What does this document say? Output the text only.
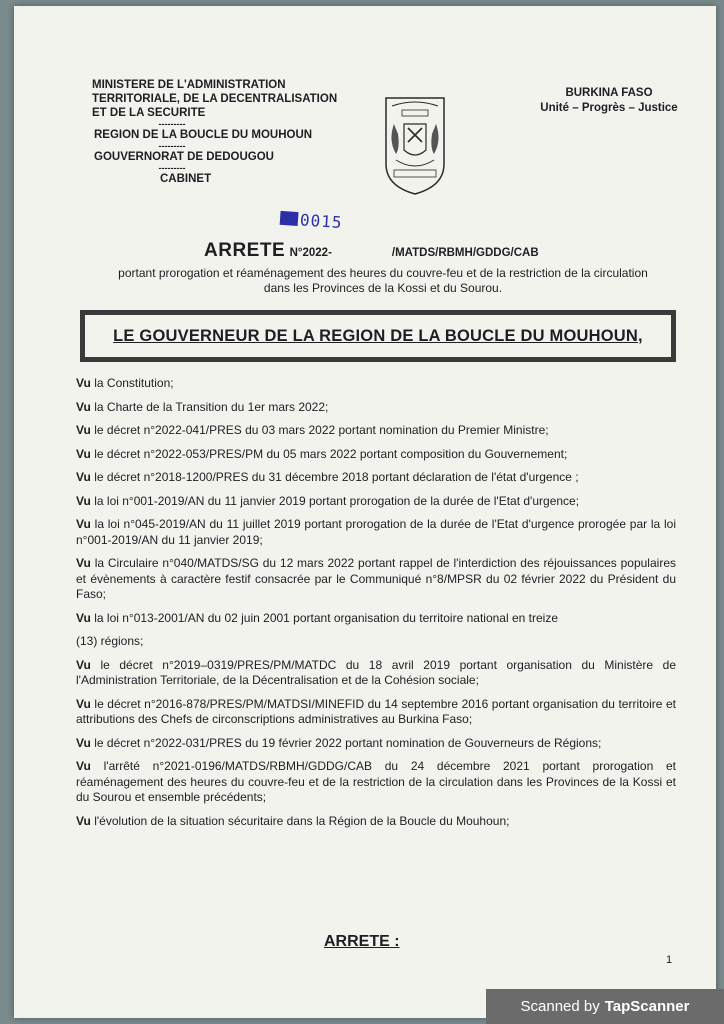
MINISTERE DE L'ADMINISTRATION
TERRITORIALE, DE LA DECENTRALISATION
ET DE LA SECURITE
---------
REGION DE LA BOUCLE DU MOUHOUN
---------
GOUVERNORAT DE DEDOUGOU
---------
CABINET
BURKINA FASO
Unité – Progrès – Justice
0015
ARRETE N°2022-	/MATDS/RBMH/GDDG/CAB
portant prorogation et réaménagement des heures du couvre-feu et de la restriction de la circulation dans les Provinces de la Kossi et du Sourou.
LE GOUVERNEUR DE LA REGION DE LA BOUCLE DU MOUHOUN,

Vu la Constitution;

Vu la Charte de la Transition du 1er mars 2022;

Vu le décret n°2022-041/PRES du 03 mars 2022 portant nomination du Premier Ministre;

Vu le décret n°2022-053/PRES/PM du 05 mars 2022 portant composition du Gouvernement;

Vu le décret n°2018-1200/PRES du 31 décembre 2018 portant déclaration de l'état d'urgence ;

Vu la loi n°001-2019/AN du 11 janvier 2019 portant prorogation de la durée de l'Etat d'urgence;

Vu la loi n°045-2019/AN du 11 juillet 2019 portant prorogation de la durée de l'Etat d'urgence prorogée par la loi n°001-2019/AN du 11 janvier 2019;

Vu la Circulaire n°040/MATDS/SG du 12 mars 2022 portant rappel de l'interdiction des réjouissances populaires et évènements à caractère festif consacrée par le Communiqué n°8/MPSR du 02 février 2022 du Président du Faso;

Vu la loi n°013-2001/AN du 02 juin 2001 portant organisation du territoire national en treize

(13) régions;

Vu le décret n°2019–0319/PRES/PM/MATDC du 18 avril 2019 portant organisation du Ministère de l'Administration Territoriale, de la Décentralisation et de la Cohésion sociale;

Vu le décret n°2016-878/PRES/PM/MATDSI/MINEFID du 14 septembre 2016 portant organisation du territoire et attributions des Chefs de circonscriptions administratives au Burkina Faso;

Vu le décret n°2022-031/PRES du 19 février 2022 portant nomination de Gouverneurs de Régions;

Vu l'arrêté n°2021-0196/MATDS/RBMH/GDDG/CAB du 24 décembre 2021 portant prorogation et réaménagement des heures du couvre-feu et de la restriction de la circulation dans les Provinces de la Kossi et du Sourou et ensemble précédents;

Vu l'évolution de la situation sécuritaire dans la Région de la Boucle du Mouhoun;

ARRETE :
1
Scanned by TapScanner
